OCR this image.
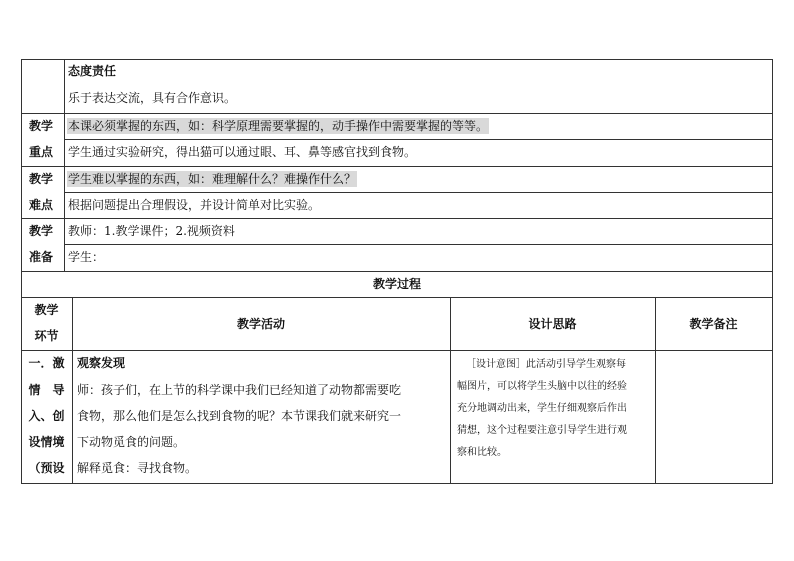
态度责任
乐于表达交流，具有合作意识。
教学
重点
本课必须掌握的东西，如：科学原理需要掌握的，动手操作中需要掌握的等等。
学生通过实验研究，得出猫可以通过眼、耳、鼻等感官找到食物。
教学
难点
学生难以掌握的东西，如：难理解什么？难操作什么？
根据问题提出合理假设，并设计简单对比实验。
教学
准备
教师：1.教学课件；2.视频资料
学生：
教学过程
教学
环节
教学活动	设计思路	教学备注
一．激
情　导
入、创
设情境
（预设
观察发现
师：孩子们，在上节的科学课中我们已经知道了动物都需要吃
食物，那么他们是怎么找到食物的呢？本节课我们就来研究一
下动物觅食的问题。
解释觅食：寻找食物。
［设计意图］此活动引导学生观察每
幅图片，可以将学生头脑中以往的经验
充分地调动出来，学生仔细观察后作出
猜想，这个过程要注意引导学生进行观
察和比较。
